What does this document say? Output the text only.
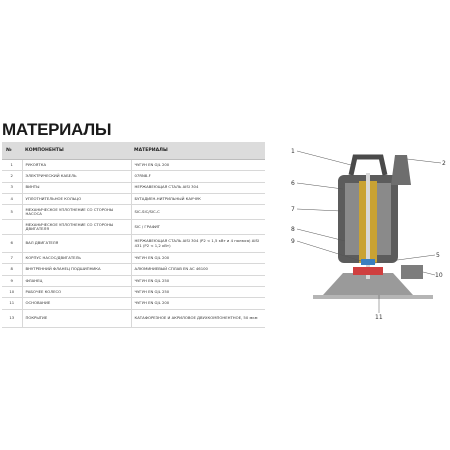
МАТЕРИАЛЫ
№	КОМПОНЕНТЫ	МАТЕРИАЛЫ
1	РУКОЯТКА	ЧУГУН EN GJL 200
2	ЭЛЕКТРИЧЕСКИЙ КАБЕЛЬ	07RN8-F
3	ВИНТЫ	НЕРЖАВЕЮЩАЯ СТАЛЬ AISI 304
4	УПЛОТНИТЕЛЬНОЕ КОЛЬЦО	БУТАДИЕН-НИТРИЛЬНЫЙ КАУЧУК
5	МЕХАНИЧЕСКОЕ УПЛОТНЕНИЕ СО СТОРОНЫ НАСОСА	SIC-SIC/SIC-C
	МЕХАНИЧЕСКОЕ УПЛОТНЕНИЕ СО СТОРОНЫ ДВИГАТЕЛЯ	SIC / ГРАФИТ
6	ВАЛ ДВИГАТЕЛЯ	НЕРЖАВЕЮЩАЯ СТАЛЬ AISI 304 (P2 < 1,5 кВт и 4 полюса) AISI 431 (P2 < 1,2 кВт)
7	КОРПУС НАСОС/ДВИГАТЕЛЬ	ЧУГУН EN GJL 200
8	ВНУТРЕННИЙ ФЛАНЕЦ ПОДШИПНИКА	АЛЮМИНИЕВЫЙ СПЛАВ EN AC 46100
9	ФЛАНЕЦ	ЧУГУН EN GJL 250
10	РАБОЧЕЕ КОЛЕСО	ЧУГУН EN GJL 250
11	ОСНОВАНИЕ	ЧУГУН EN GJL 200
13	ПОКРЫТИЕ	КАТАФОРЕЗНОЕ И АКРИЛОВОЕ ДВУХКОМПОНЕНТНОЕ, 50 мкм
1
2
6
7
8
9
5
10
11
